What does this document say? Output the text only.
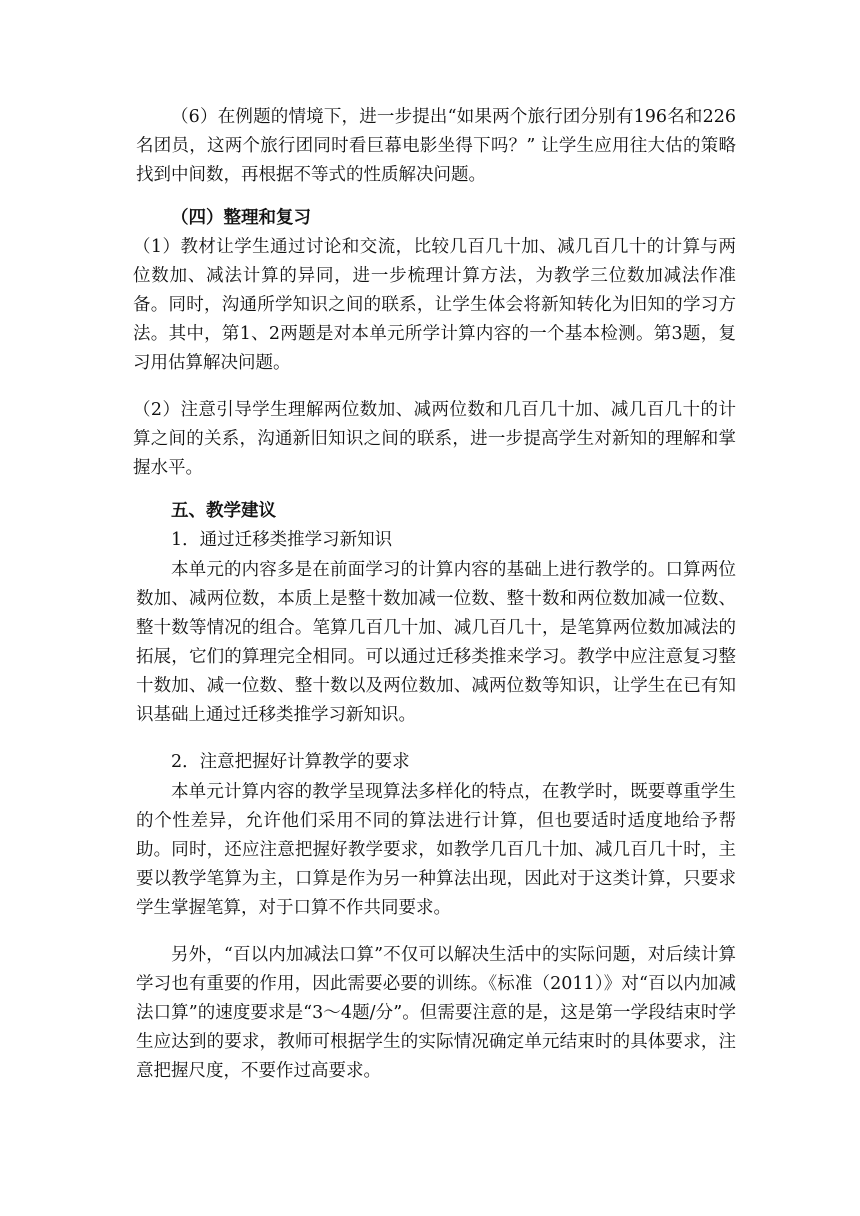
（6）在例题的情境下，进一步提出“如果两个旅行团分别有196名和226名团员，这两个旅行团同时看巨幕电影坐得下吗？” 让学生应用往大估的策略找到中间数，再根据不等式的性质解决问题。

（四）整理和复习

（1）教材让学生通过讨论和交流，比较几百几十加、减几百几十的计算与两位数加、减法计算的异同，进一步梳理计算方法，为教学三位数加减法作准备。同时，沟通所学知识之间的联系，让学生体会将新知转化为旧知的学习方法。其中，第1、2两题是对本单元所学计算内容的一个基本检测。第3题，复习用估算解决问题。

（2）注意引导学生理解两位数加、减两位数和几百几十加、减几百几十的计算之间的关系，沟通新旧知识之间的联系，进一步提高学生对新知的理解和掌握水平。

五、教学建议
1．通过迁移类推学习新知识

本单元的内容多是在前面学习的计算内容的基础上进行教学的。口算两位数加、减两位数，本质上是整十数加减一位数、整十数和两位数加减一位数、整十数等情况的组合。笔算几百几十加、减几百几十，是笔算两位数加减法的拓展，它们的算理完全相同。可以通过迁移类推来学习。教学中应注意复习整十数加、减一位数、整十数以及两位数加、减两位数等知识，让学生在已有知识基础上通过迁移类推学习新知识。

2．注意把握好计算教学的要求

本单元计算内容的教学呈现算法多样化的特点，在教学时，既要尊重学生的个性差异，允许他们采用不同的算法进行计算，但也要适时适度地给予帮助。同时，还应注意把握好教学要求，如教学几百几十加、减几百几十时，主要以教学笔算为主，口算是作为另一种算法出现，因此对于这类计算，只要求学生掌握笔算，对于口算不作共同要求。

另外，“百以内加减法口算”不仅可以解决生活中的实际问题，对后续计算学习也有重要的作用，因此需要必要的训练。《标准（2011）》对“百以内加减法口算”的速度要求是“3～4题/分”。但需要注意的是，这是第一学段结束时学生应达到的要求，教师可根据学生的实际情况确定单元结束时的具体要求，注意把握尺度，不要作过高要求。
